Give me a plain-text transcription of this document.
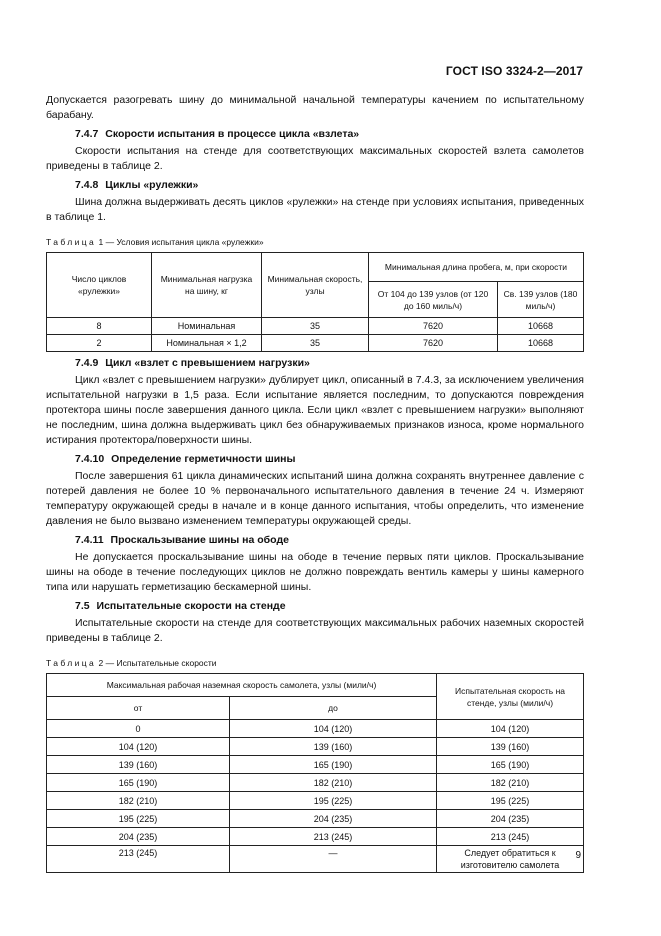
ГОСТ ISO 3324-2—2017

Допускается разогревать шину до минимальной начальной температуры качением по испытательному барабану.

7.4.7 Скорости испытания в процессе цикла «взлета»

Скорости испытания на стенде для соответствующих максимальных скоростей взлета самолетов приведены в таблице 2.

7.4.8 Циклы «рулежки»

Шина должна выдерживать десять циклов «рулежки» на стенде при условиях испытания, приведенных в таблице 1.

Таблица 1 — Условия испытания цикла «рулежки»
Число циклов «рулежки»	Минимальная нагрузка на шину, кг	Минимальная скорость, узлы	Минимальная длина пробега, м, при скорости	
			От 104 до 139 узлов (от 120 до 160 миль/ч)	Св. 139 узлов (180 миль/ч)
8	Номинальная	35	7620	10668
2	Номинальная × 1,2	35	7620	10668
7.4.9 Цикл «взлет с превышением нагрузки»

Цикл «взлет с превышением нагрузки» дублирует цикл, описанный в 7.4.3, за исключением увеличения испытательной нагрузки в 1,5 раза. Если испытание является последним, то допускаются повреждения протектора шины после завершения данного цикла. Если цикл «взлет с превышением нагрузки» выполняют не последним, шина должна выдерживать цикл без обнаруживаемых признаков износа, кроме нормального истирания протектора/поверхности шины.

7.4.10 Определение герметичности шины

После завершения 61 цикла динамических испытаний шина должна сохранять внутреннее давление с потерей давления не более 10 % первоначального испытательного давления в течение 24 ч. Измеряют температуру окружающей среды в начале и в конце данного испытания, чтобы определить, что изменение давления не было вызвано изменением температуры окружающей среды.

7.4.11 Проскальзывание шины на ободе

Не допускается проскальзывание шины на ободе в течение первых пяти циклов. Проскальзывание шины на ободе в течение последующих циклов не должно повреждать вентиль камеры у шины камерного типа или нарушать герметизацию бескамерной шины.

7.5 Испытательные скорости на стенде

Испытательные скорости на стенде для соответствующих максимальных рабочих наземных скоростей приведены в таблице 2.

Таблица 2 — Испытательные скорости
Максимальная рабочая наземная скорость самолета, узлы (мили/ч)		Испытательная скорость на стенде, узлы (мили/ч)
от	до	
0	104 (120)	104 (120)
104 (120)	139 (160)	139 (160)
139 (160)	165 (190)	165 (190)
165 (190)	182 (210)	182 (210)
182 (210)	195 (225)	195 (225)
195 (225)	204 (235)	204 (235)
204 (235)	213 (245)	213 (245)
213 (245)	—	Следует обратиться к изготовителю самолета
9
